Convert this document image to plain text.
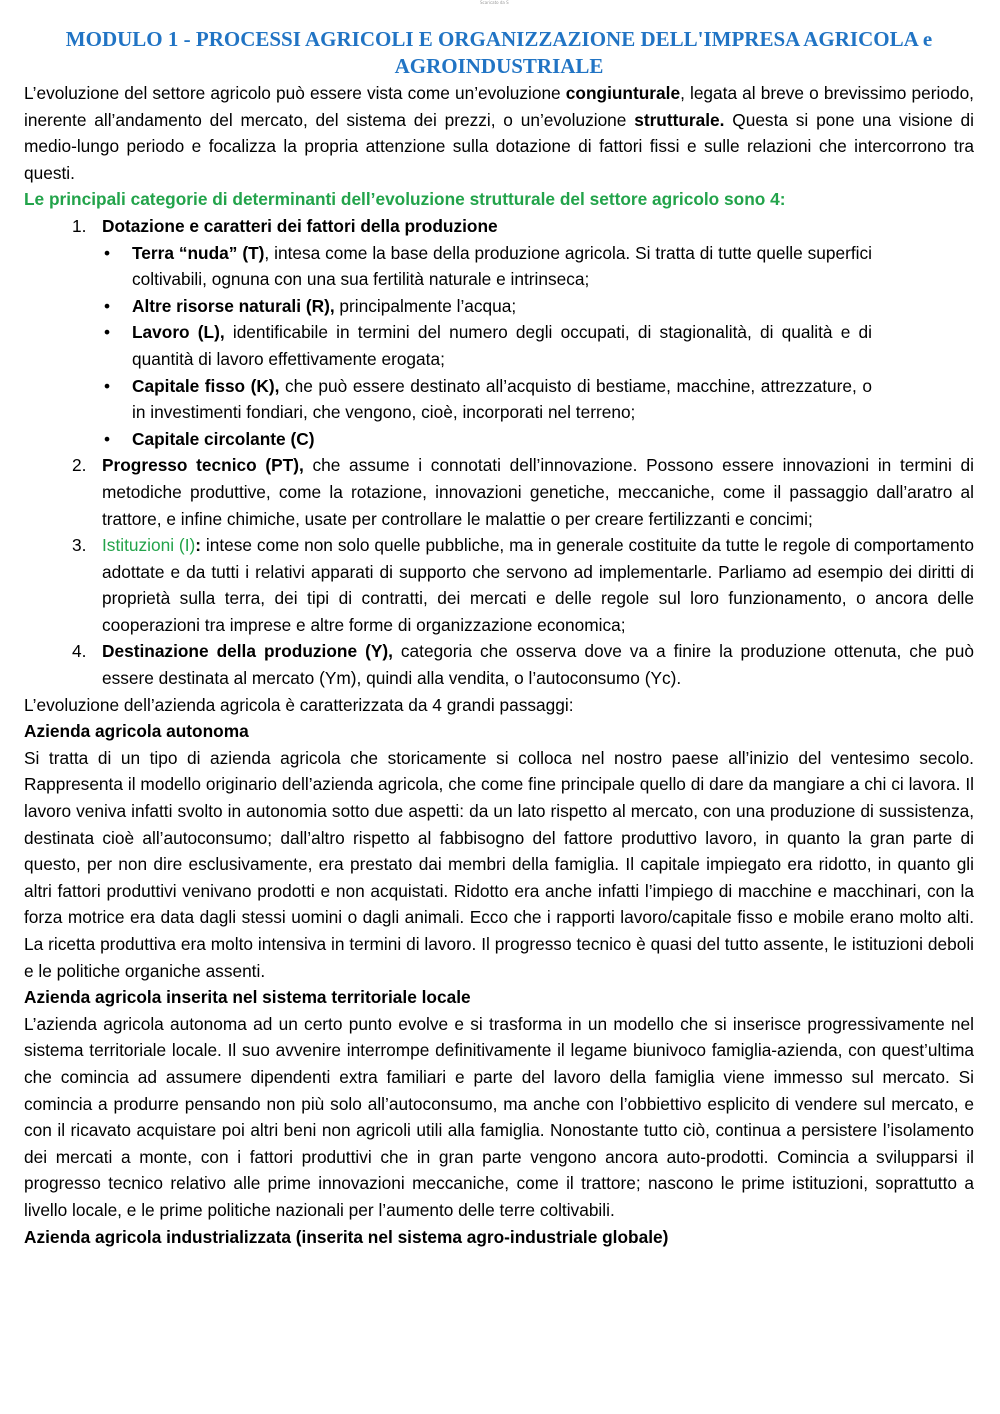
Scaricato da S
MODULO 1 - PROCESSI AGRICOLI E ORGANIZZAZIONE DELL'IMPRESA AGRICOLA e AGROINDUSTRIALE

L’evoluzione del settore agricolo può essere vista come un’evoluzione congiunturale, legata al breve o brevissimo periodo, inerente all’andamento del mercato, del sistema dei prezzi, o un’evoluzione strutturale. Questa si pone una visione di medio-lungo periodo e focalizza la propria attenzione sulla dotazione di fattori fissi e sulle relazioni che intercorrono tra questi.

Le principali categorie di determinanti dell’evoluzione strutturale del settore agricolo sono 4:

1. Dotazione e caratteri dei fattori della produzione
• Terra “nuda” (T), intesa come la base della produzione agricola. Si tratta di tutte quelle superfici coltivabili, ognuna con una sua fertilità naturale e intrinseca;
• Altre risorse naturali (R), principalmente l’acqua;
• Lavoro (L), identificabile in termini del numero degli occupati, di stagionalità, di qualità e di quantità di lavoro effettivamente erogata;
• Capitale fisso (K), che può essere destinato all’acquisto di bestiame, macchine, attrezzature, o in investimenti fondiari, che vengono, cioè, incorporati nel terreno;
• Capitale circolante (C)
2. Progresso tecnico (PT), che assume i connotati dell’innovazione. Possono essere innovazioni in termini di metodiche produttive, come la rotazione, innovazioni genetiche, meccaniche, come il passaggio dall’aratro al trattore, e infine chimiche, usate per controllare le malattie o per creare fertilizzanti e concimi;
3. Istituzioni (I): intese come non solo quelle pubbliche, ma in generale costituite da tutte le regole di comportamento adottate e da tutti i relativi apparati di supporto che servono ad implementarle. Parliamo ad esempio dei diritti di proprietà sulla terra, dei tipi di contratti, dei mercati e delle regole sul loro funzionamento, o ancora delle cooperazioni tra imprese e altre forme di organizzazione economica;
4. Destinazione della produzione (Y), categoria che osserva dove va a finire la produzione ottenuta, che può essere destinata al mercato (Ym), quindi alla vendita, o l’autoconsumo (Yc).

L’evoluzione dell’azienda agricola è caratterizzata da 4 grandi passaggi:

Azienda agricola autonoma

Si tratta di un tipo di azienda agricola che storicamente si colloca nel nostro paese all’inizio del ventesimo secolo. Rappresenta il modello originario dell’azienda agricola, che come fine principale quello di dare da mangiare a chi ci lavora. Il lavoro veniva infatti svolto in autonomia sotto due aspetti: da un lato rispetto al mercato, con una produzione di sussistenza, destinata cioè all’autoconsumo; dall’altro rispetto al fabbisogno del fattore produttivo lavoro, in quanto la gran parte di questo, per non dire esclusivamente, era prestato dai membri della famiglia. Il capitale impiegato era ridotto, in quanto gli altri fattori produttivi venivano prodotti e non acquistati. Ridotto era anche infatti l’impiego di macchine e macchinari, con la forza motrice era data dagli stessi uomini o dagli animali. Ecco che i rapporti lavoro/capitale fisso e mobile erano molto alti. La ricetta produttiva era molto intensiva in termini di lavoro. Il progresso tecnico è quasi del tutto assente, le istituzioni deboli e le politiche organiche assenti.

Azienda agricola inserita nel sistema territoriale locale

L’azienda agricola autonoma ad un certo punto evolve e si trasforma in un modello che si inserisce progressivamente nel sistema territoriale locale. Il suo avvenire interrompe definitivamente il legame biunivoco famiglia-azienda, con quest’ultima che comincia ad assumere dipendenti extra familiari e parte del lavoro della famiglia viene immesso sul mercato. Si comincia a produrre pensando non più solo all’autoconsumo, ma anche con l’obbiettivo esplicito di vendere sul mercato, e con il ricavato acquistare poi altri beni non agricoli utili alla famiglia. Nonostante tutto ciò, continua a persistere l’isolamento dei mercati a monte, con i fattori produttivi che in gran parte vengono ancora auto-prodotti. Comincia a svilupparsi il progresso tecnico relativo alle prime innovazioni meccaniche, come il trattore; nascono le prime istituzioni, soprattutto a livello locale, e le prime politiche nazionali per l’aumento delle terre coltivabili.

Azienda agricola industrializzata (inserita nel sistema agro-industriale globale)
